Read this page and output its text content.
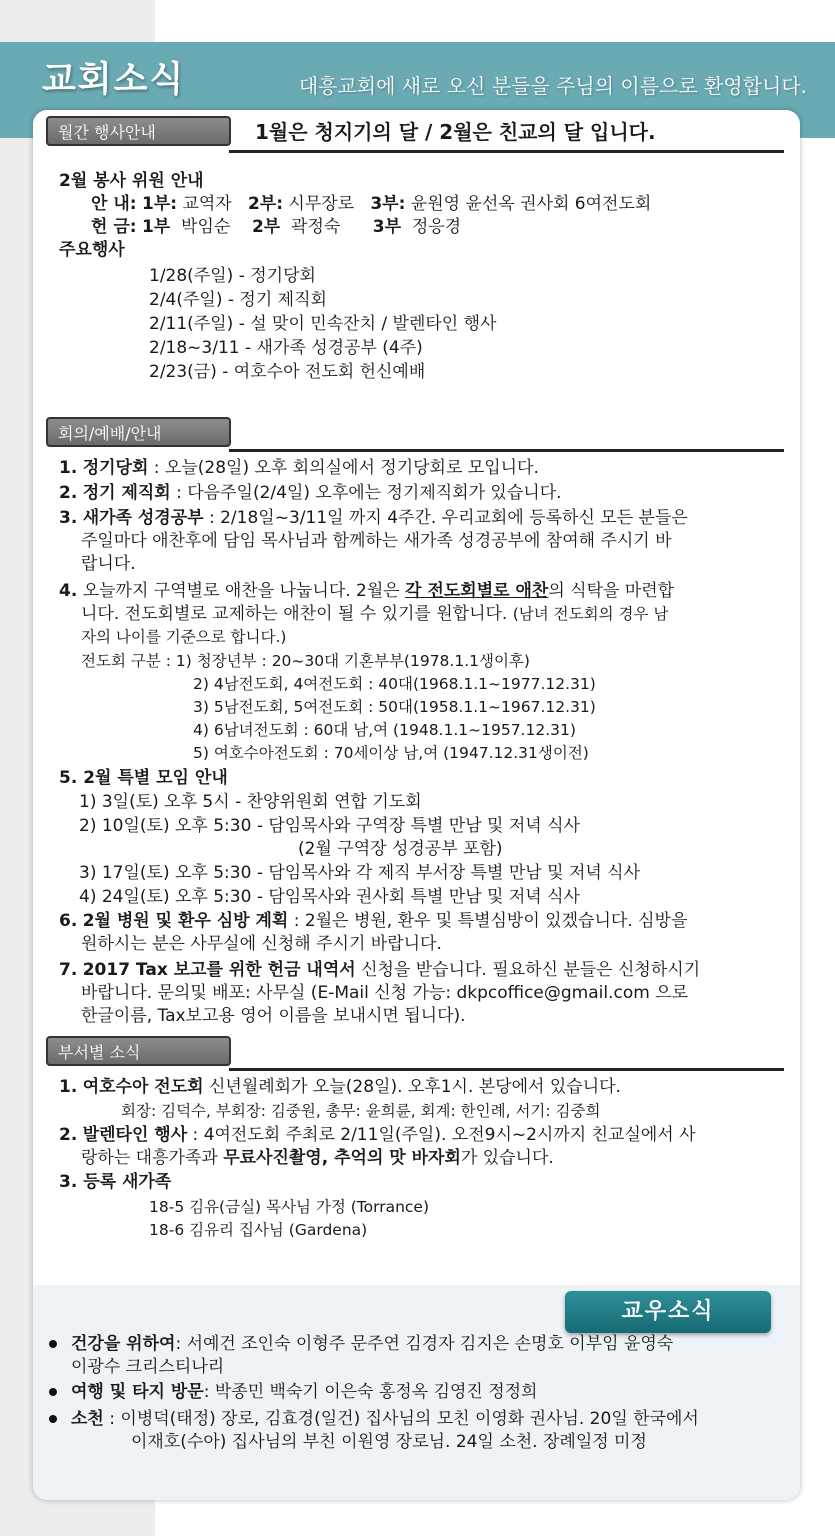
교회소식	대흥교회에 새로 오신 분들을 주님의 이름으로 환영합니다.
월간 행사안내	1월은 청지기의 달 / 2월은 친교의 달 입니다.
2월 봉사 위원 안내
안 내: 1부: 교역자 2부: 시무장로 3부: 윤원영 윤선옥 권사회 6여전도회
헌 금: 1부 박임순 2부 곽정숙 3부 정응경
주요행사
1/28(주일) - 정기당회
2/4(주일) - 정기 제직회
2/11(주일) - 설 맞이 민속잔치 / 발렌타인 행사
2/18~3/11 - 새가족 성경공부 (4주)
2/23(금) - 여호수아 전도회 헌신예배
회의/예배/안내
1. 정기당회 : 오늘(28일) 오후 회의실에서 정기당회로 모입니다.
2. 정기 제직회 : 다음주일(2/4일) 오후에는 정기제직회가 있습니다.
3. 새가족 성경공부 : 2/18일~3/11일 까지 4주간. 우리교회에 등록하신 모든 분들은
주일마다 애찬후에 담임 목사님과 함께하는 새가족 성경공부에 참여해 주시기 바
랍니다.
4. 오늘까지 구역별로 애찬을 나눕니다. 2월은 각 전도회별로 애찬의 식탁을 마련합
니다. 전도회별로 교제하는 애찬이 될 수 있기를 원합니다. (남녀 전도회의 경우 남
자의 나이를 기준으로 합니다.)
전도회 구분 : 1) 청장년부 : 20~30대 기혼부부(1978.1.1생이후)
2) 4남전도회, 4여전도회 : 40대(1968.1.1~1977.12.31)
3) 5남전도회, 5여전도회 : 50대(1958.1.1~1967.12.31)
4) 6남녀전도회 : 60대 남,여 (1948.1.1~1957.12.31)
5) 여호수아전도회 : 70세이상 남,여 (1947.12.31생이전)
5. 2월 특별 모임 안내
1) 3일(토) 오후 5시 - 찬양위원회 연합 기도회
2) 10일(토) 오후 5:30 - 담임목사와 구역장 특별 만남 및 저녁 식사
(2월 구역장 성경공부 포함)
3) 17일(토) 오후 5:30 - 담임목사와 각 제직 부서장 특별 만남 및 저녁 식사
4) 24일(토) 오후 5:30 - 담임목사와 권사회 특별 만남 및 저녁 식사
6. 2월 병원 및 환우 심방 계획 : 2월은 병원, 환우 및 특별심방이 있겠습니다. 심방을
원하시는 분은 사무실에 신청해 주시기 바랍니다.
7. 2017 Tax 보고를 위한 헌금 내역서 신청을 받습니다. 필요하신 분들은 신청하시기
바랍니다. 문의및 배포: 사무실 (E-Mail 신청 가능: dkpcoffice@gmail.com 으로
한글이름, Tax보고용 영어 이름을 보내시면 됩니다).
부서별 소식
1. 여호수아 전도회 신년월례회가 오늘(28일). 오후1시. 본당에서 있습니다.
회장: 김덕수, 부회장: 김중원, 총무: 윤희륜, 회계: 한인례, 서기: 김중희
2. 발렌타인 행사 : 4여전도회 주최로 2/11일(주일). 오전9시~2시까지 친교실에서 사
랑하는 대흥가족과 무료사진촬영, 추억의 맛 바자회가 있습니다.
3. 등록 새가족
18-5 김유(금실) 목사님 가정 (Torrance)
18-6 김유리 집사님 (Gardena)
교우소식
건강을 위하여: 서예건 조인숙 이형주 문주연 김경자 김지은 손명호 이부임 윤영숙
이광수 크리스티나리
여행 및 타지 방문: 박종민 백숙기 이은숙 홍정옥 김영진 정정희
소천 : 이병덕(태정) 장로, 김효경(일건) 집사님의 모친 이영화 권사님. 20일 한국에서
이재호(수아) 집사님의 부친 이원영 장로님. 24일 소천. 장례일정 미정
